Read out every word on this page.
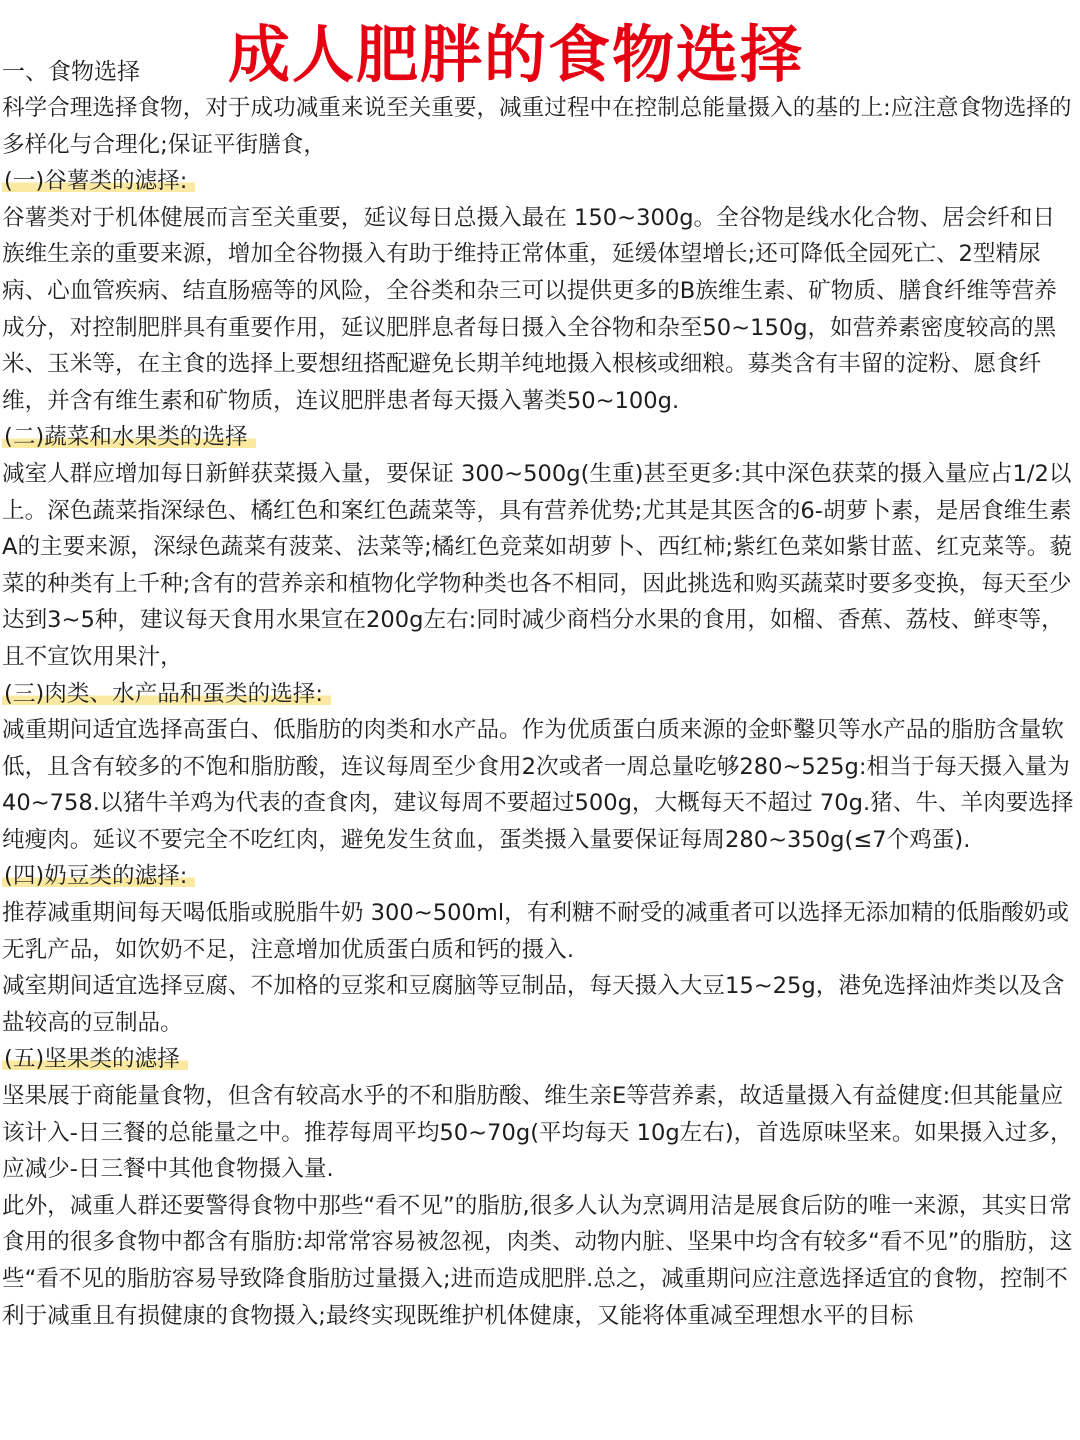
一、食物选择 成人肥胖的食物选择

科学合理选择食物，对于成功减重来说至关重要，减重过程中在控制总能量摄入的基的上:应注意食物选择的多样化与合理化;保证平街膳食，

(一)谷薯类的滤择:

谷薯类对于机体健展而言至关重要，延议每日总摄入最在 150~300g。全谷物是线水化合物、居会纤和日族维生亲的重要来源，增加全谷物摄入有助于维持正常体重，延缓体望增长;还可降低全园死亡、2型精尿病、心血管疾病、结直肠癌等的风险，全谷类和杂三可以提供更多的B族维生素、矿物质、膳食纤维等营养成分，对控制肥胖具有重要作用，延议肥胖息者每日摄入全谷物和杂至50~150g，如营养素密度较高的黑米、玉米等，在主食的选择上要想纽搭配避免长期羊纯地摄入根核或细粮。募类含有丰留的淀粉、愿食纤维，并含有维生素和矿物质，连议肥胖患者每天摄入薯类50~100g.

(二)蔬菜和水果类的选择

减室人群应增加每日新鲜获菜摄入量，要保证 300~500g(生重)甚至更多:其中深色获菜的摄入量应占1/2以上。深色蔬菜指深绿色、橘红色和案红色蔬菜等，具有营养优势;尤其是其医含的6-胡萝卜素，是居食维生素A的主要来源，深绿色蔬菜有菠菜、法菜等;橘红色竞菜如胡萝卜、西红柿;紫红色菜如紫甘蓝、红克菜等。藐菜的种类有上千种;含有的营养亲和植物化学物种类也各不相同，因此挑选和购买蔬菜时要多变换，每天至少达到3~5种，建议每天食用水果宣在200g左右:同时减少商档分水果的食用，如榴、香蕉、荔枝、鲜枣等，且不宣饮用果汁，

(三)肉类、水产品和蛋类的选择:

减重期问适宜选择高蛋白、低脂肪的肉类和水产品。作为优质蛋白质来源的金虾鑿贝等水产品的脂肪含量软低，且含有较多的不饱和脂肪酸，连议每周至少食用2次或者一周总量吃够280~525g:相当于每天摄入量为 40~758.以猪牛羊鸡为代表的查食肉，建议每周不要超过500g，大概每天不超过 70g.猪、牛、羊肉要选择纯瘦肉。延议不要完全不吃红肉，避免发生贫血，蛋类摄入量要保证每周280~350g(≤7个鸡蛋).

(四)奶豆类的滤择:

推荐减重期间每天喝低脂或脱脂牛奶 300~500ml，有利糖不耐受的减重者可以选择无添加精的低脂酸奶或无乳产品，如饮奶不足，注意增加优质蛋白质和钙的摄入.

减室期间适宜选择豆腐、不加格的豆浆和豆腐脑等豆制品，每天摄入大豆15~25g，港免选择油炸类以及含盐较高的豆制品。

(五)坚果类的滤择

坚果展于商能量食物，但含有较高水乎的不和脂肪酸、维生亲E等营养素，故适量摄入有益健度:但其能量应该计入-日三餐的总能量之中。推荐每周平均50~70g(平均每天 10g左右)，首选原味坚来。如果摄入过多，应减少-日三餐中其他食物摄入量.

此外，减重人群还要警得食物中那些“看不见”的脂肪,很多人认为烹调用洁是展食后防的唯一来源，其实日常食用的很多食物中都含有脂肪:却常常容易被忽视，肉类、动物内脏、坚果中均含有较多“看不见”的脂肪，这些“看不见的脂肪容易导致降食脂肪过量摄入;进而造成肥胖.总之，减重期问应注意选择适宜的食物，控制不利于减重且有损健康的食物摄入;最终实现既维护机体健康，又能将体重减至理想水平的目标
